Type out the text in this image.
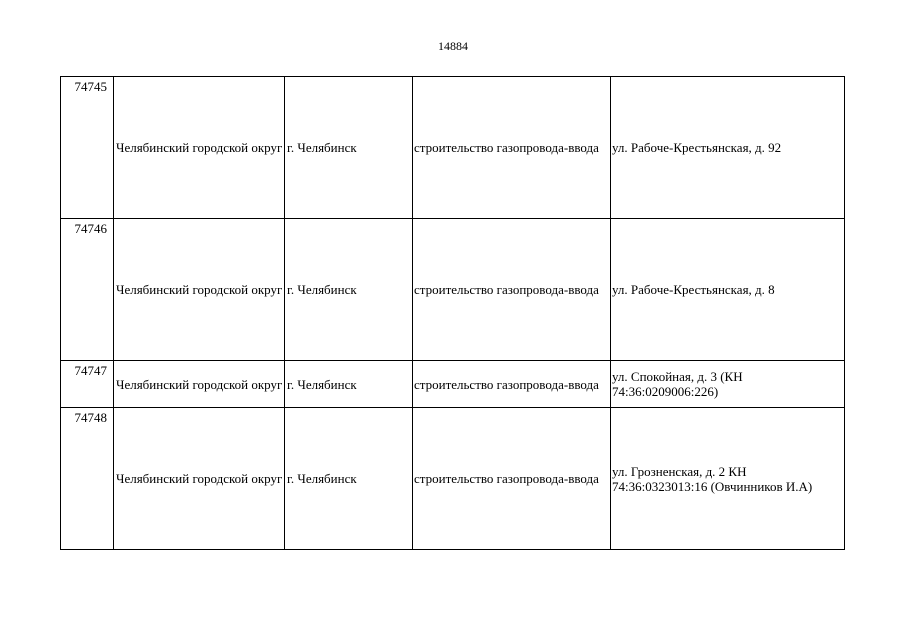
14884
74745	Челябинский городской округ	г. Челябинск	строительство газопровода-ввода	ул. Рабоче-Крестьянская, д. 92
74746	Челябинский городской округ	г. Челябинск	строительство газопровода-ввода	ул. Рабоче-Крестьянская, д. 8
74747	Челябинский городской округ	г. Челябинск	строительство газопровода-ввода	ул. Спокойная, д. 3 (КН 74:36:0209006:226)
74748	Челябинский городской округ	г. Челябинск	строительство газопровода-ввода	ул. Грозненская, д. 2 КН 74:36:0323013:16 (Овчинников И.А)
